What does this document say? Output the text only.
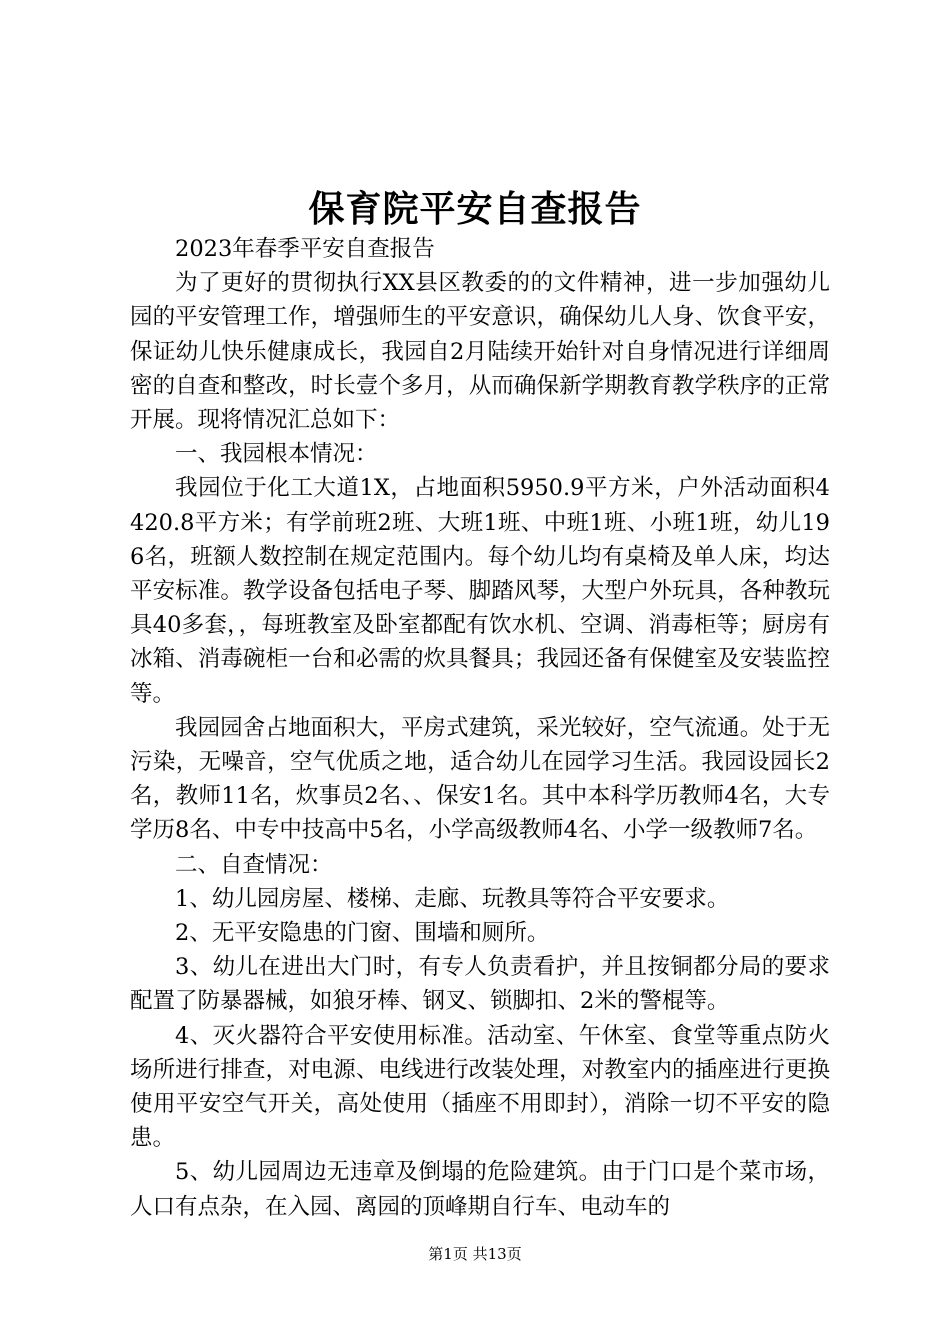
保育院平安自查报告

2023年春季平安自查报告

为了更好的贯彻执行XX县区教委的的文件精神，进一步加强幼儿园的平安管理工作，增强师生的平安意识，确保幼儿人身、饮食平安，保证幼儿快乐健康成长，我园自2月陆续开始针对自身情况进行详细周密的自查和整改，时长壹个多月，从而确保新学期教育教学秩序的正常开展。现将情况汇总如下：

一、我园根本情况：

我园位于化工大道1X，占地面积5950.9平方米，户外活动面积4420.8平方米；有学前班2班、大班1班、中班1班、小班1班，幼儿196名，班额人数控制在规定范围内。每个幼儿均有桌椅及单人床，均达平安标准。教学设备包括电子琴、脚踏风琴，大型户外玩具，各种教玩具40多套，，每班教室及卧室都配有饮水机、空调、消毒柜等；厨房有冰箱、消毒碗柜一台和必需的炊具餐具；我园还备有保健室及安装监控等。

我园园舍占地面积大，平房式建筑，采光较好，空气流通。处于无污染，无噪音，空气优质之地，适合幼儿在园学习生活。我园设园长2名，教师11名，炊事员2名、、保安1名。其中本科学历教师4名，大专学历8名、中专中技高中5名，小学高级教师4名、小学一级教师7名。

二、自查情况：

1、幼儿园房屋、楼梯、走廊、玩教具等符合平安要求。

2、无平安隐患的门窗、围墙和厕所。

3、幼儿在进出大门时，有专人负责看护，并且按铜都分局的要求配置了防暴器械，如狼牙棒、钢叉、锁脚扣、2米的警棍等。

4、灭火器符合平安使用标准。活动室、午休室、食堂等重点防火场所进行排查，对电源、电线进行改装处理，对教室内的插座进行更换使用平安空气开关，高处使用（插座不用即封），消除一切不平安的隐患。

5、幼儿园周边无违章及倒塌的危险建筑。由于门口是个菜市场，人口有点杂，在入园、离园的顶峰期自行车、电动车的

第1页 共13页
